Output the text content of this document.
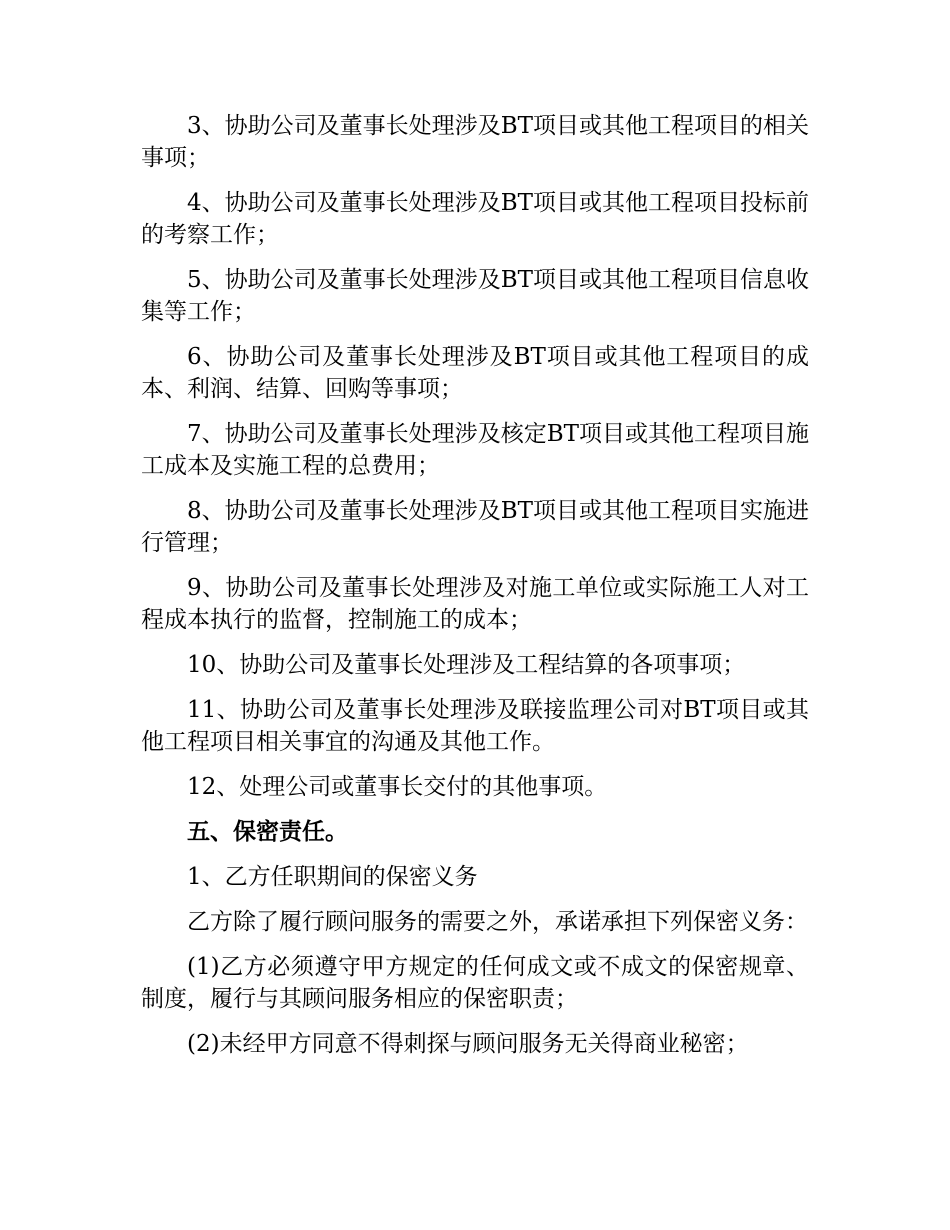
3、协助公司及董事长处理涉及BT项目或其他工程项目的相关事项；

4、协助公司及董事长处理涉及BT项目或其他工程项目投标前的考察工作；

5、协助公司及董事长处理涉及BT项目或其他工程项目信息收集等工作；

6、协助公司及董事长处理涉及BT项目或其他工程项目的成本、利润、结算、回购等事项；

7、协助公司及董事长处理涉及核定BT项目或其他工程项目施工成本及实施工程的总费用；

8、协助公司及董事长处理涉及BT项目或其他工程项目实施进行管理；

9、协助公司及董事长处理涉及对施工单位或实际施工人对工程成本执行的监督，控制施工的成本；

10、协助公司及董事长处理涉及工程结算的各项事项；

11、协助公司及董事长处理涉及联接监理公司对BT项目或其他工程项目相关事宜的沟通及其他工作。

12、处理公司或董事长交付的其他事项。

五、保密责任。

1、乙方任职期间的保密义务

乙方除了履行顾问服务的需要之外，承诺承担下列保密义务：

(1)乙方必须遵守甲方规定的任何成文或不成文的保密规章、制度，履行与其顾问服务相应的保密职责；

(2)未经甲方同意不得刺探与顾问服务无关得商业秘密；
